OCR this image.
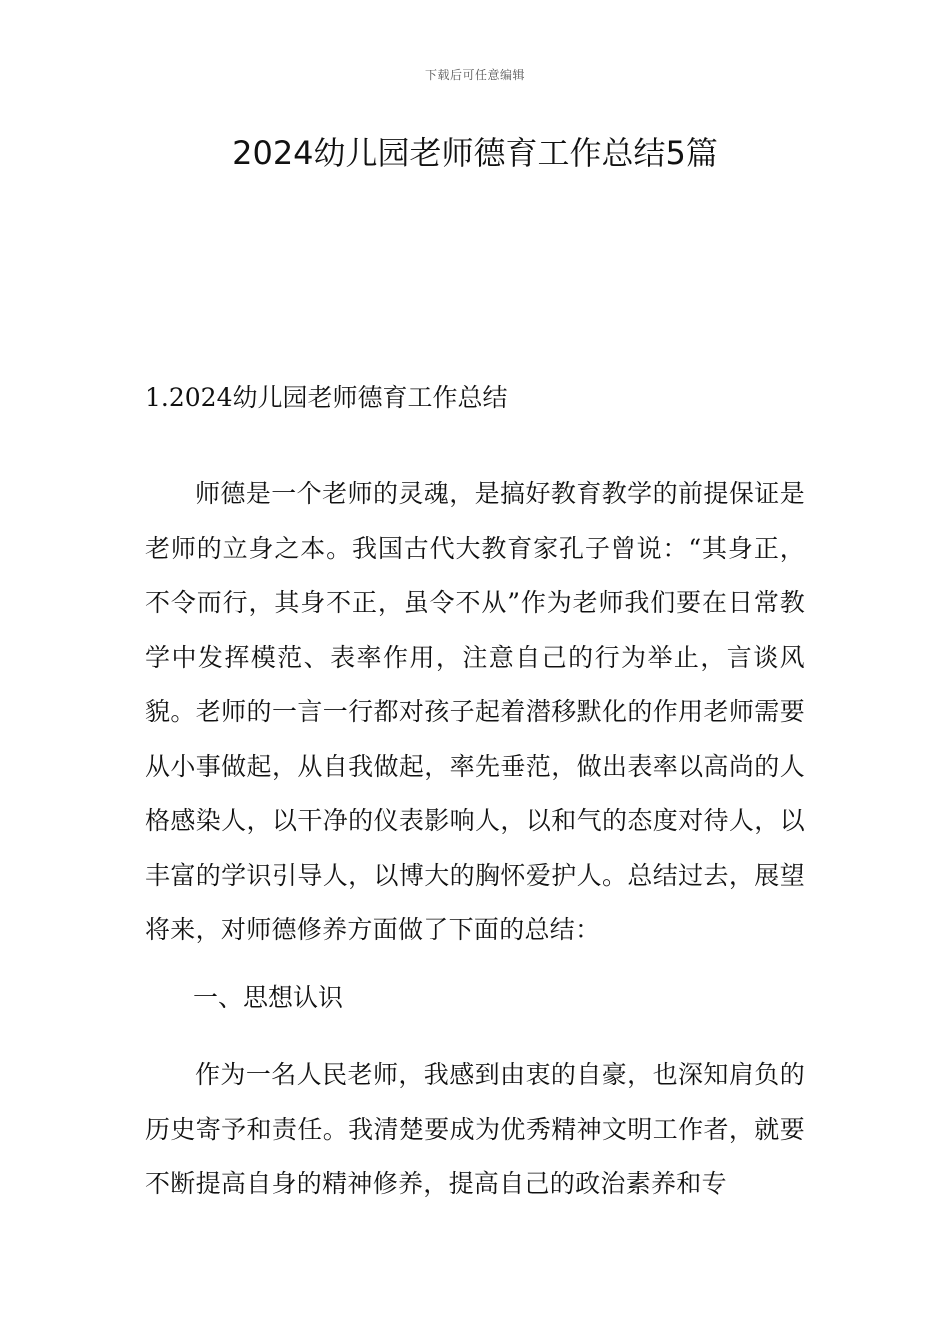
下载后可任意编辑
2024幼儿园老师德育工作总结5篇
1.2024幼儿园老师德育工作总结

师德是一个老师的灵魂，是搞好教育教学的前提保证是老师的立身之本。我国古代大教育家孔子曾说：“其身正，不令而行，其身不正，虽令不从”作为老师我们要在日常教学中发挥模范、表率作用，注意自己的行为举止，言谈风貌。老师的一言一行都对孩子起着潜移默化的作用老师需要从小事做起，从自我做起，率先垂范，做出表率以高尚的人格感染人，以干净的仪表影响人，以和气的态度对待人，以丰富的学识引导人，以博大的胸怀爱护人。总结过去，展望将来，对师德修养方面做了下面的总结：

一、思想认识

作为一名人民老师，我感到由衷的自豪，也深知肩负的历史寄予和责任。我清楚要成为优秀精神文明工作者，就要不断提高自身的精神修养，提高自己的政治素养和专
